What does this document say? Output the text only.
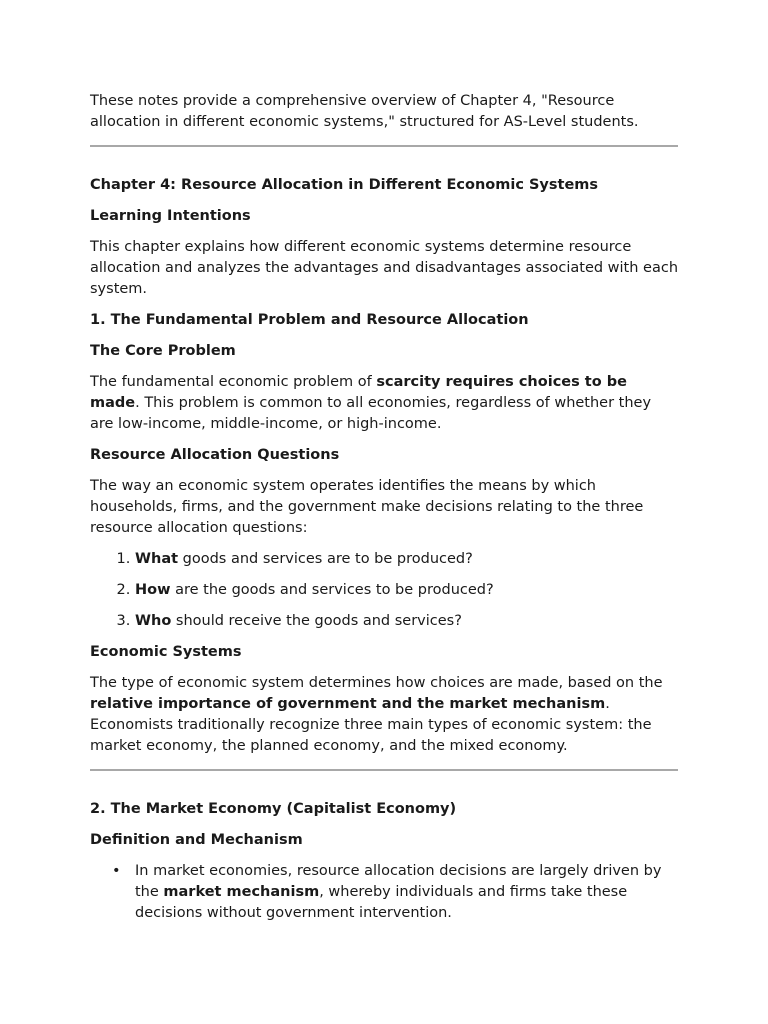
These notes provide a comprehensive overview of Chapter 4, "Resource allocation in different economic systems," structured for AS-Level students.

Chapter 4: Resource Allocation in Different Economic Systems
Learning Intentions

This chapter explains how different economic systems determine resource allocation and analyzes the advantages and disadvantages associated with each system.

1. The Fundamental Problem and Resource Allocation
The Core Problem

The fundamental economic problem of scarcity requires choices to be made. This problem is common to all economies, regardless of whether they are low-income, middle-income, or high-income.

Resource Allocation Questions

The way an economic system operates identifies the means by which households, firms, and the government make decisions relating to the three resource allocation questions:

1. What goods and services are to be produced?
2. How are the goods and services to be produced?
3. Who should receive the goods and services?
Economic Systems

The type of economic system determines how choices are made, based on the relative importance of government and the market mechanism. Economists traditionally recognize three main types of economic system: the market economy, the planned economy, and the mixed economy.

2. The Market Economy (Capitalist Economy)
Definition and Mechanism
• In market economies, resource allocation decisions are largely driven by the market mechanism, whereby individuals and firms take these decisions without government intervention.
